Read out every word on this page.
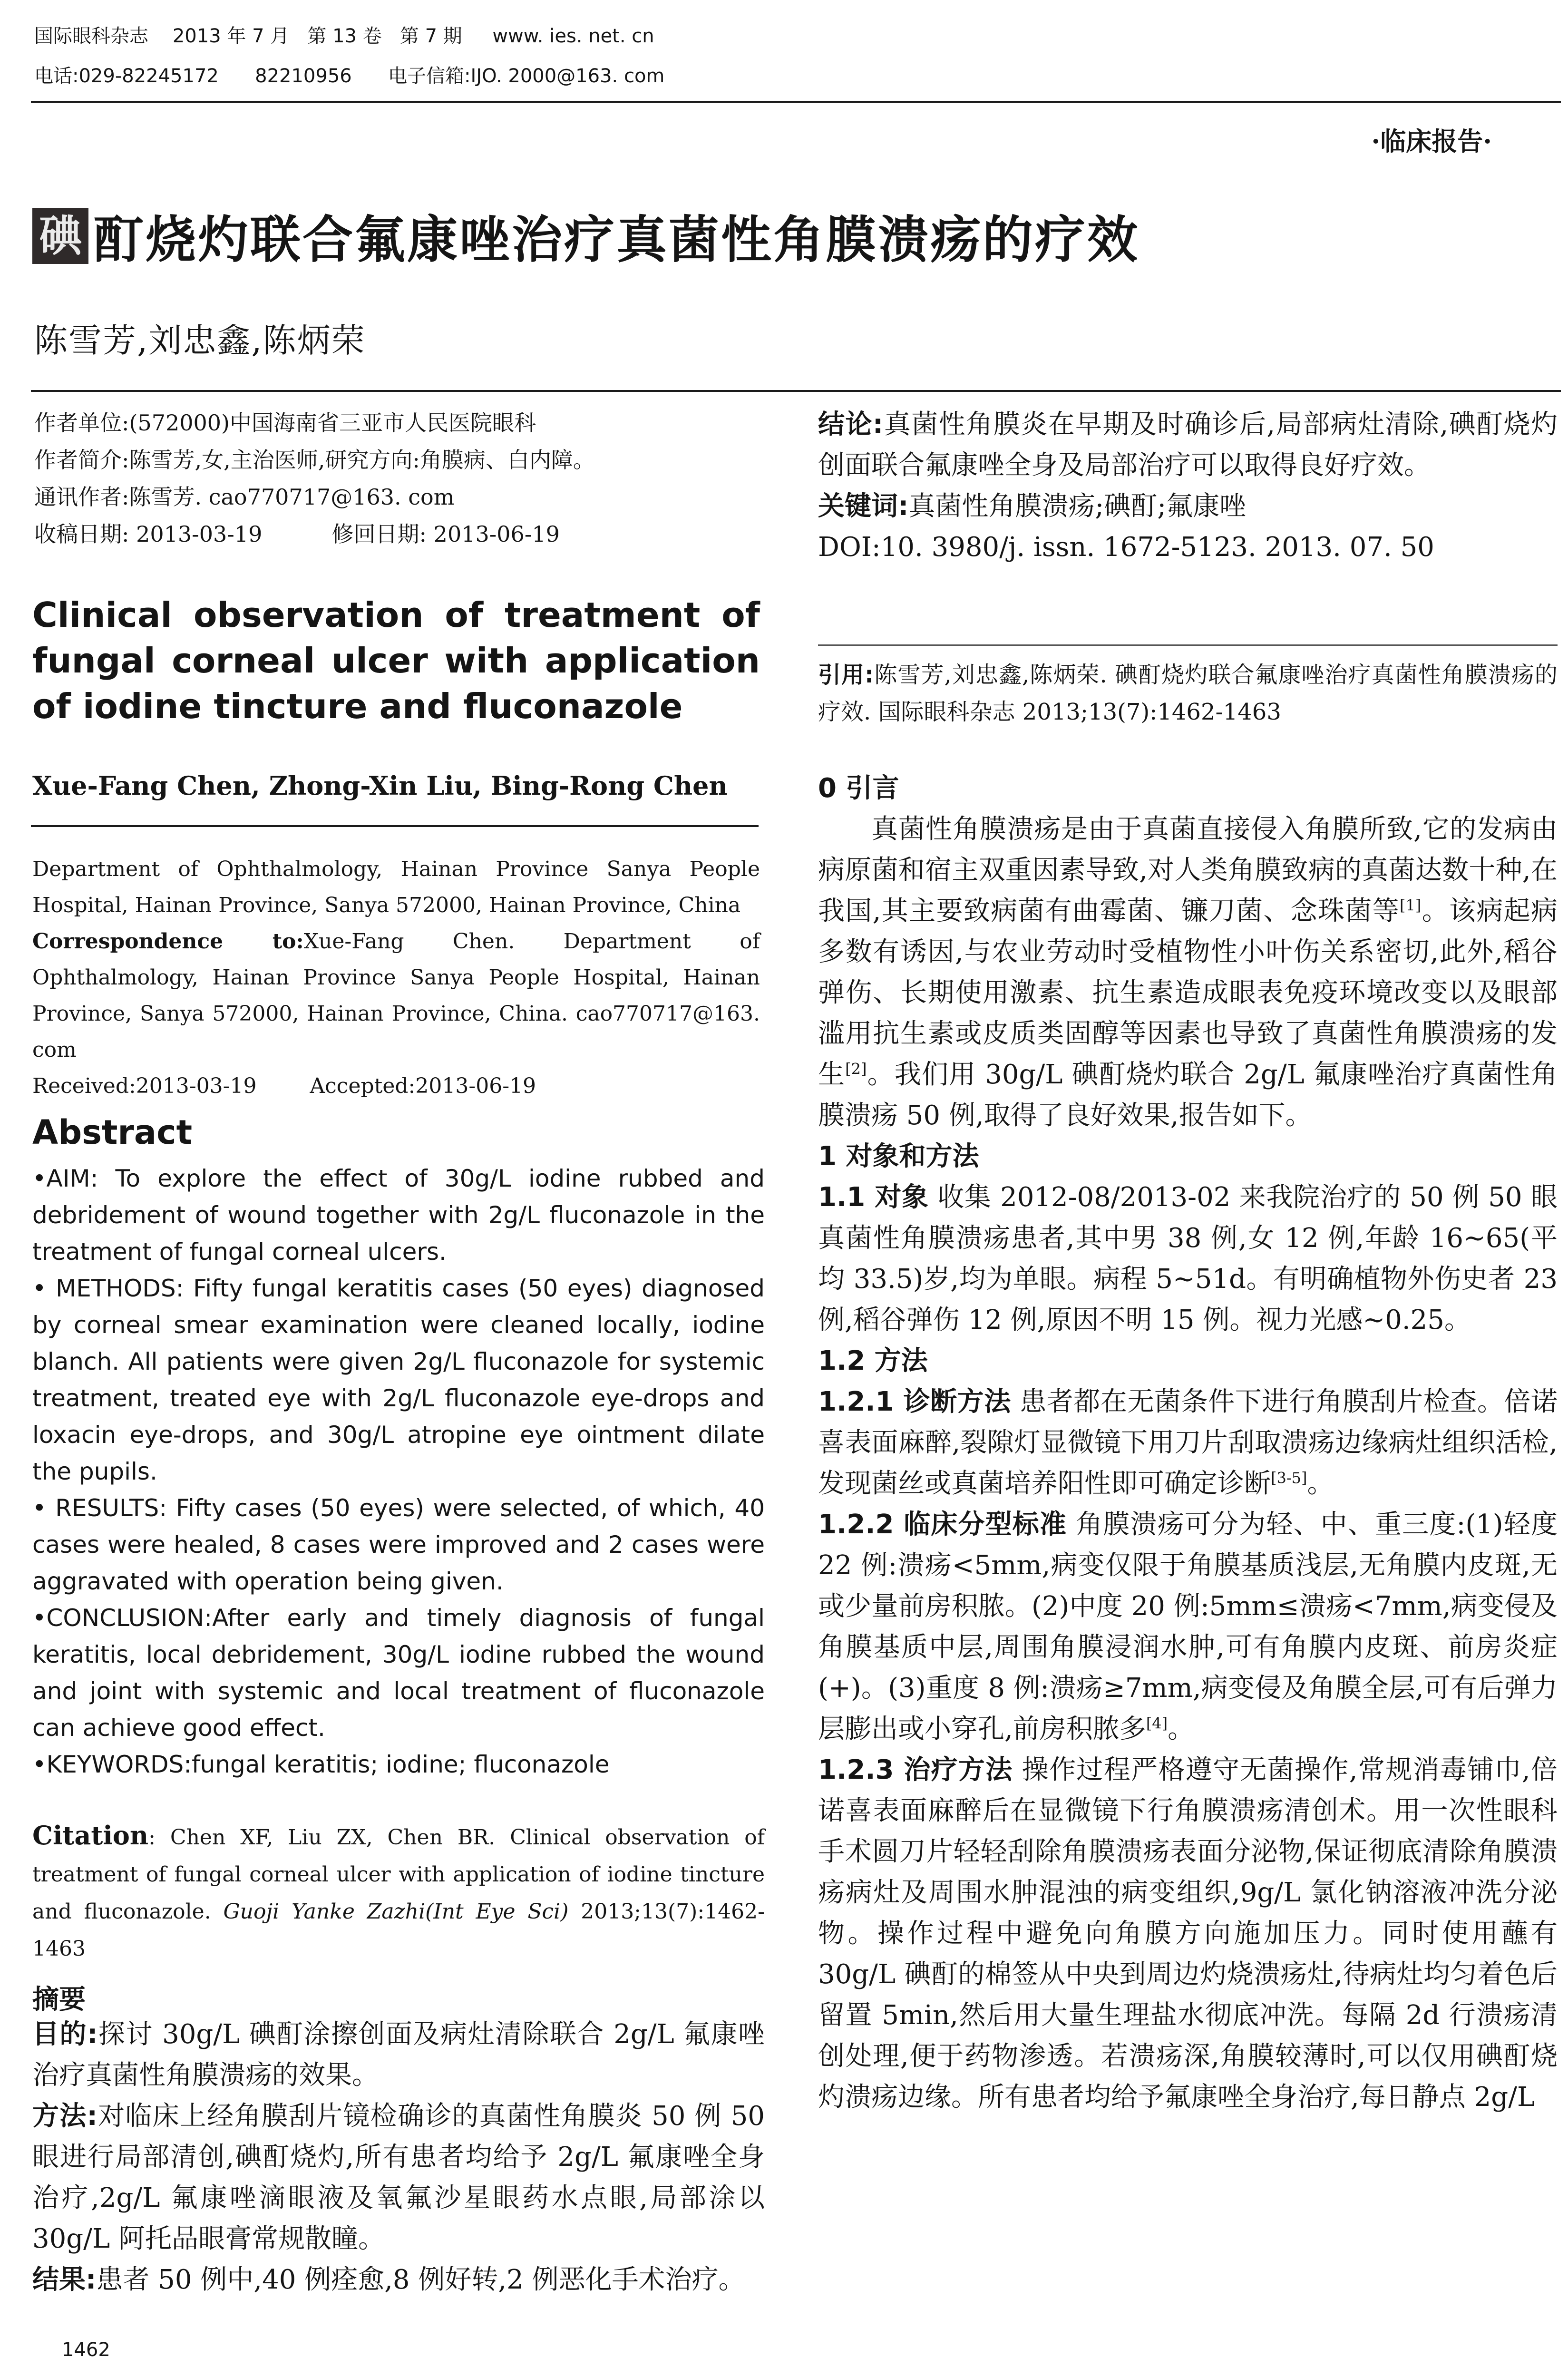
国际眼科杂志    2013 年 7 月   第 13 卷   第 7 期     www. ies. net. cn
电话:029-82245172      82210956      电子信箱:IJO. 2000@163. com
·临床报告·
碘 酊烧灼联合氟康唑治疗真菌性角膜溃疡的疗效
陈雪芳,刘忠鑫,陈炳荣
作者单位:(572000)中国海南省三亚市人民医院眼科
作者简介:陈雪芳,女,主治医师,研究方向:角膜病、白内障。
通讯作者:陈雪芳. cao770717@163. com
收稿日期: 2013-03-19          修回日期: 2013-06-19
Clinical observation of treatment of fungal corneal ulcer with application of iodine tincture and fluconazole
Xue-Fang Chen, Zhong-Xin Liu, Bing-Rong Chen

Department of Ophthalmology, Hainan Province Sanya People Hospital, Hainan Province, Sanya 572000, Hainan Province, China

Correspondence to:Xue-Fang Chen. Department of Ophthalmology, Hainan Province Sanya People Hospital, Hainan Province, Sanya 572000, Hainan Province, China. cao770717@163. com

Received:2013-03-19        Accepted:2013-06-19

Abstract

•AIM: To explore the effect of 30g/L iodine rubbed and debridement of wound together with 2g/L fluconazole in the treatment of fungal corneal ulcers.

• METHODS: Fifty fungal keratitis cases (50 eyes) diagnosed by corneal smear examination were cleaned locally, iodine blanch. All patients were given 2g/L fluconazole for systemic treatment, treated eye with 2g/L fluconazole eye-drops and loxacin eye-drops, and 30g/L atropine eye ointment dilate the pupils.

• RESULTS: Fifty cases (50 eyes) were selected, of which, 40 cases were healed, 8 cases were improved and 2 cases were aggravated with operation being given.

•CONCLUSION:After early and timely diagnosis of fungal keratitis, local debridement, 30g/L iodine rubbed the wound and joint with systemic and local treatment of fluconazole can achieve good effect.

•KEYWORDS:fungal keratitis; iodine; fluconazole

Citation: Chen XF, Liu ZX, Chen BR. Clinical observation of treatment of fungal corneal ulcer with application of iodine tincture and fluconazole. Guoji Yanke Zazhi(Int Eye Sci) 2013;13(7):1462-1463
摘要

目的:探讨 30g/L 碘酊涂擦创面及病灶清除联合 2g/L 氟康唑治疗真菌性角膜溃疡的效果。

方法:对临床上经角膜刮片镜检确诊的真菌性角膜炎 50 例 50 眼进行局部清创,碘酊烧灼,所有患者均给予 2g/L 氟康唑全身治疗,2g/L 氟康唑滴眼液及氧氟沙星眼药水点眼,局部涂以 30g/L 阿托品眼膏常规散瞳。

结果:患者 50 例中,40 例痊愈,8 例好转,2 例恶化手术治疗。

1462

结论:真菌性角膜炎在早期及时确诊后,局部病灶清除,碘酊烧灼创面联合氟康唑全身及局部治疗可以取得良好疗效。

关键词:真菌性角膜溃疡;碘酊;氟康唑

DOI:10. 3980/j. issn. 1672-5123. 2013. 07. 50

引用:陈雪芳,刘忠鑫,陈炳荣. 碘酊烧灼联合氟康唑治疗真菌性角膜溃疡的疗效. 国际眼科杂志 2013;13(7):1462-1463

0 引言

真菌性角膜溃疡是由于真菌直接侵入角膜所致,它的发病由病原菌和宿主双重因素导致,对人类角膜致病的真菌达数十种,在我国,其主要致病菌有曲霉菌、镰刀菌、念珠菌等[1]。该病起病多数有诱因,与农业劳动时受植物性小叶伤关系密切,此外,稻谷弹伤、长期使用激素、抗生素造成眼表免疫环境改变以及眼部滥用抗生素或皮质类固醇等因素也导致了真菌性角膜溃疡的发生[2]。我们用 30g/L 碘酊烧灼联合 2g/L 氟康唑治疗真菌性角膜溃疡 50 例,取得了良好效果,报告如下。

1 对象和方法

1.1 对象 收集 2012-08/2013-02 来我院治疗的 50 例 50 眼真菌性角膜溃疡患者,其中男 38 例,女 12 例,年龄 16~65(平均 33.5)岁,均为单眼。病程 5~51d。有明确植物外伤史者 23 例,稻谷弹伤 12 例,原因不明 15 例。视力光感~0.25。

1.2 方法

1.2.1 诊断方法 患者都在无菌条件下进行角膜刮片检查。倍诺喜表面麻醉,裂隙灯显微镜下用刀片刮取溃疡边缘病灶组织活检,发现菌丝或真菌培养阳性即可确定诊断[3-5]。

1.2.2 临床分型标准 角膜溃疡可分为轻、中、重三度:(1)轻度 22 例:溃疡<5mm,病变仅限于角膜基质浅层,无角膜内皮斑,无或少量前房积脓。(2)中度 20 例:5mm≤溃疡<7mm,病变侵及角膜基质中层,周围角膜浸润水肿,可有角膜内皮斑、前房炎症(+)。(3)重度 8 例:溃疡≥7mm,病变侵及角膜全层,可有后弹力层膨出或小穿孔,前房积脓多[4]。

1.2.3 治疗方法 操作过程严格遵守无菌操作,常规消毒铺巾,倍诺喜表面麻醉后在显微镜下行角膜溃疡清创术。用一次性眼科手术圆刀片轻轻刮除角膜溃疡表面分泌物,保证彻底清除角膜溃疡病灶及周围水肿混浊的病变组织,9g/L 氯化钠溶液冲洗分泌物。操作过程中避免向角膜方向施加压力。同时使用蘸有 30g/L 碘酊的棉签从中央到周边灼烧溃疡灶,待病灶均匀着色后留置 5min,然后用大量生理盐水彻底冲洗。每隔 2d 行溃疡清创处理,便于药物渗透。若溃疡深,角膜较薄时,可以仅用碘酊烧灼溃疡边缘。所有患者均给予氟康唑全身治疗,每日静点 2g/L
